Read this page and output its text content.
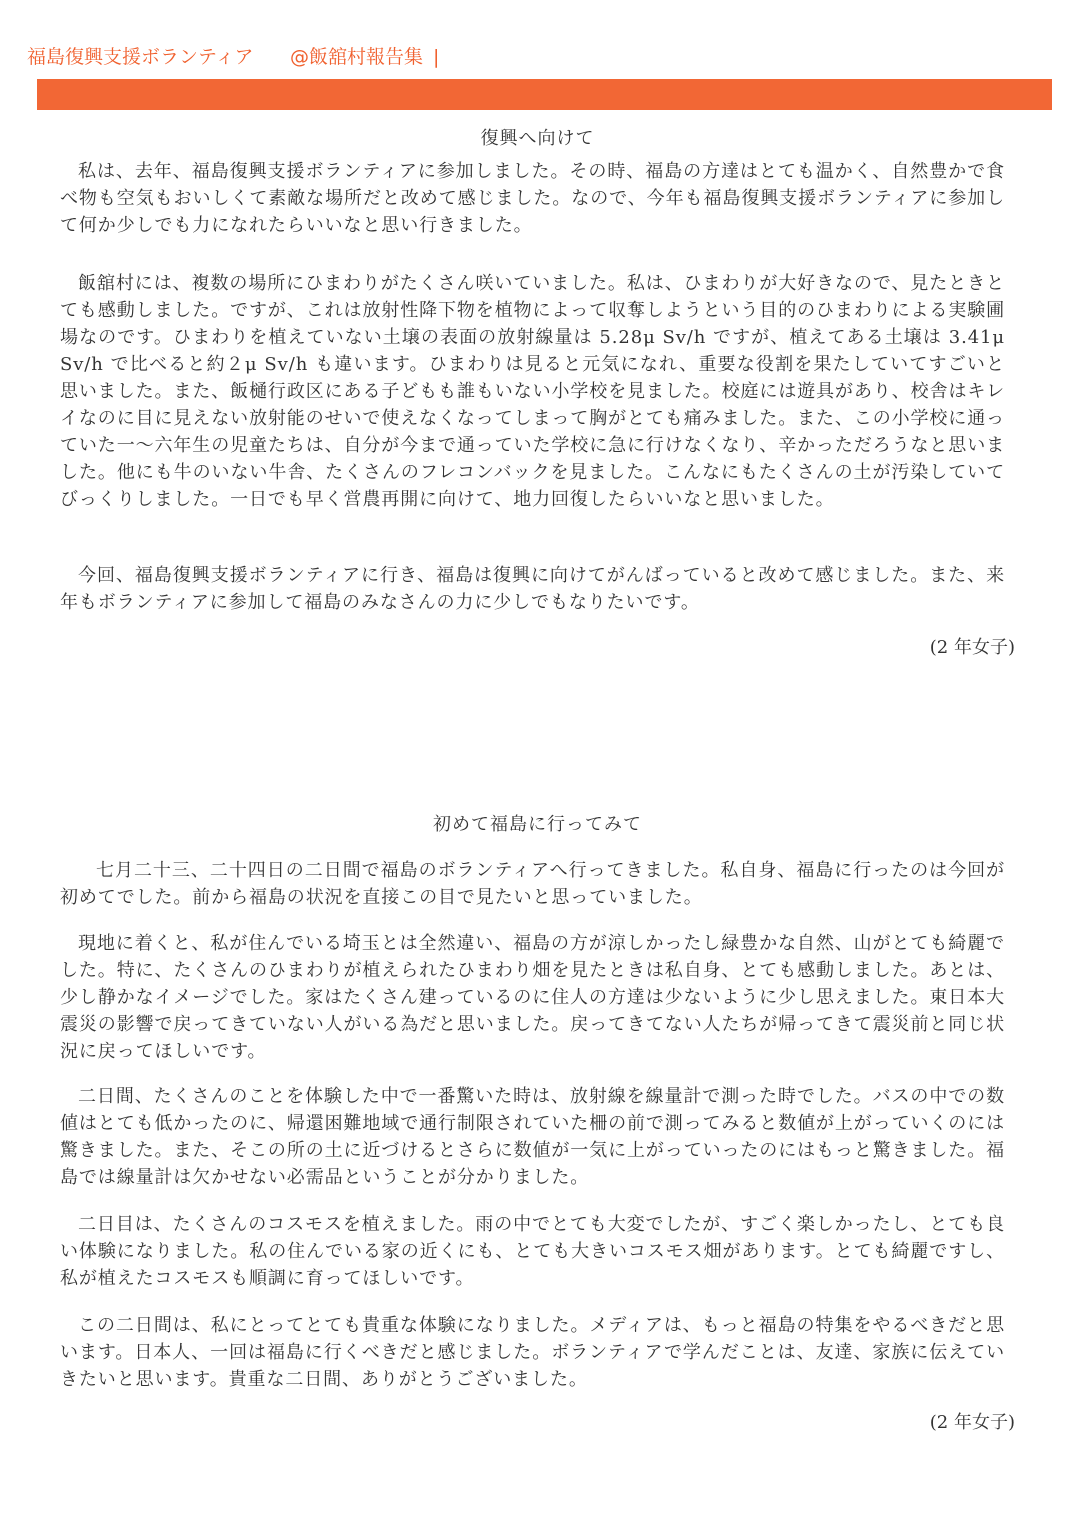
福島復興支援ボランティア @飯舘村報告集 |
復興へ向けて

私は、去年、福島復興支援ボランティアに参加しました。その時、福島の方達はとても温かく、自然豊かで食べ物も空気もおいしくて素敵な場所だと改めて感じました。なので、今年も福島復興支援ボランティアに参加して何か少しでも力になれたらいいなと思い行きました。

飯舘村には、複数の場所にひまわりがたくさん咲いていました。私は、ひまわりが大好きなので、見たときとても感動しました。ですが、これは放射性降下物を植物によって収奪しようという目的のひまわりによる実験圃場なのです。ひまわりを植えていない土壌の表面の放射線量は 5.28μ Sv/h ですが、植えてある土壌は 3.41μ Sv/h で比べると約２μ Sv/h も違います。ひまわりは見ると元気になれ、重要な役割を果たしていてすごいと思いました。また、飯樋行政区にある子どもも誰もいない小学校を見ました。校庭には遊具があり、校舎はキレイなのに目に見えない放射能のせいで使えなくなってしまって胸がとても痛みました。また、この小学校に通っていた一～六年生の児童たちは、自分が今まで通っていた学校に急に行けなくなり、辛かっただろうなと思いました。他にも牛のいない牛舎、たくさんのフレコンバックを見ました。こんなにもたくさんの土が汚染していてびっくりしました。一日でも早く営農再開に向けて、地力回復したらいいなと思いました。

今回、福島復興支援ボランティアに行き、福島は復興に向けてがんばっていると改めて感じました。また、来年もボランティアに参加して福島のみなさんの力に少しでもなりたいです。

(2 年女子)
初めて福島に行ってみて

七月二十三、二十四日の二日間で福島のボランティアへ行ってきました。私自身、福島に行ったのは今回が初めてでした。前から福島の状況を直接この目で見たいと思っていました。

現地に着くと、私が住んでいる埼玉とは全然違い、福島の方が涼しかったし緑豊かな自然、山がとても綺麗でした。特に、たくさんのひまわりが植えられたひまわり畑を見たときは私自身、とても感動しました。あとは、少し静かなイメージでした。家はたくさん建っているのに住人の方達は少ないように少し思えました。東日本大震災の影響で戻ってきていない人がいる為だと思いました。戻ってきてない人たちが帰ってきて震災前と同じ状況に戻ってほしいです。

二日間、たくさんのことを体験した中で一番驚いた時は、放射線を線量計で測った時でした。バスの中での数値はとても低かったのに、帰還困難地域で通行制限されていた柵の前で測ってみると数値が上がっていくのには驚きました。また、そこの所の土に近づけるとさらに数値が一気に上がっていったのにはもっと驚きました。福島では線量計は欠かせない必需品ということが分かりました。

二日目は、たくさんのコスモスを植えました。雨の中でとても大変でしたが、すごく楽しかったし、とても良い体験になりました。私の住んでいる家の近くにも、とても大きいコスモス畑があります。とても綺麗ですし、私が植えたコスモスも順調に育ってほしいです。

この二日間は、私にとってとても貴重な体験になりました。メディアは、もっと福島の特集をやるべきだと思います。日本人、一回は福島に行くべきだと感じました。ボランティアで学んだことは、友達、家族に伝えていきたいと思います。貴重な二日間、ありがとうございました。

(2 年女子)
